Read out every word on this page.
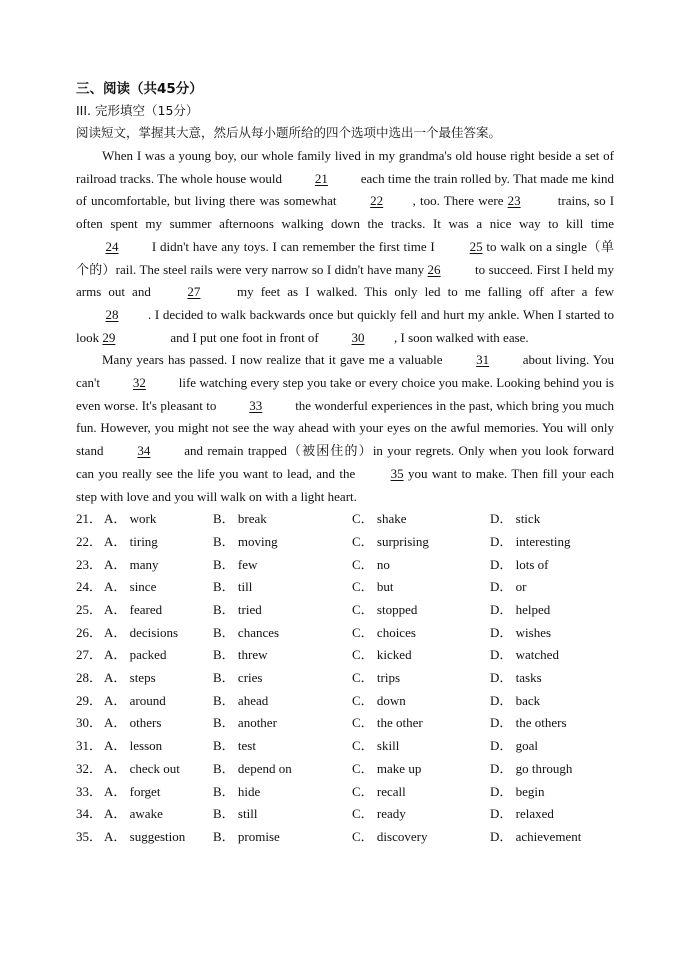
三、阅读（共45分）
III. 完形填空（15分）
阅读短文，掌握其大意，然后从每小题所给的四个选项中选出一个最佳答案。

When I was a young boy, our whole family lived in my grandma's old house right beside a set of railroad tracks. The whole house would	21	each time the train rolled by. That made me kind of uncomfortable, but living there was somewhat	22 , too. There were 23	trains, so I often spent my summer afternoons walking down the tracks. It was a nice way to kill time 24	I didn't have any toys. I can remember the first time I	25 to walk on a single（单个的）rail. The steel rails were very narrow so I didn't have many 26	to succeed. First I held my arms out and	27	my feet as I walked. This only led to me falling off after a few 28 . I decided to walk backwards once but quickly fell and hurt my ankle. When I started to look 29	and I put one foot in front of	30 , I soon walked with ease.

Many years has passed. I now realize that it gave me a valuable	31	about living. You can't	32	life watching every step you take or every choice you make. Looking behind you is even worse. It's pleasant to	33	the wonderful experiences in the past, which bring you much fun. However, you might not see the way ahead with your eyes on the awful memories. You will only stand	34	and remain trapped（被困住的）in your regrets. Only when you look forward can you really see the life you want to lead, and the	35 you want to make. Then fill your each step with love and you will walk on with a light heart.

21． A． work	B． break	C． shake	D． stick
22． A． tiring	B． moving	C． surprising	D． interesting
23． A． many	B． few	C． no	D． lots of
24． A． since	B． till	C． but	D． or
25． A． feared	B． tried	C． stopped	D． helped
26． A． decisions	B． chances	C． choices	D． wishes
27． A． packed	B． threw	C． kicked	D． watched
28． A． steps	B． cries	C． trips	D． tasks
29． A． around	B． ahead	C． down	D． back
30． A． others	B． another	C． the other	D． the others
31． A． lesson	B． test	C． skill	D． goal
32． A． check out	B． depend on	C． make up	D． go through
33． A． forget	B． hide	C． recall	D． begin
34． A． awake	B． still	C． ready	D． relaxed
35． A． suggestion B． promise	C． discovery	D． achievement
